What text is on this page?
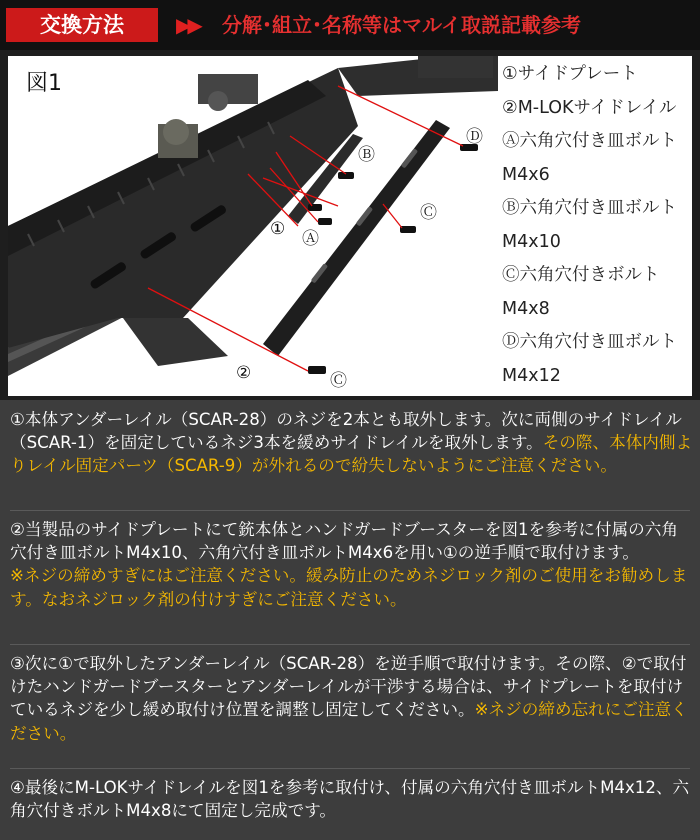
交換方法	▶▶ 分解･組立･名称等はマルイ取説記載参考
①
②
Ⓐ
Ⓑ
Ⓒ
Ⓒ
Ⓓ
図1	①サイドプレート
②M-LOKサイドレイル
Ⓐ六角穴付き皿ボルト
M4x6
Ⓑ六角穴付き皿ボルト
M4x10
Ⓒ六角穴付きボルト
M4x8
Ⓓ六角穴付き皿ボルト
M4x12
①本体アンダーレイル（SCAR-28）のネジを2本とも取外します。次に両側のサイドレイル（SCAR-1）を固定しているネジ3本を緩めサイドレイルを取外します。その際、本体内側よりレイル固定パーツ（SCAR-9）が外れるので紛失しないようにご注意ください。
②当製品のサイドプレートにて銃本体とハンドガードブースターを図1を参考に付属の六角穴付き皿ボルトM4x10、六角穴付き皿ボルトM4x6を用い①の逆手順で取付けます。
※ネジの締めすぎにはご注意ください。緩み防止のためネジロック剤のご使用をお勧めします。なおネジロック剤の付けすぎにご注意ください。
③次に①で取外したアンダーレイル（SCAR-28）を逆手順で取付けます。その際、②で取付けたハンドガードブースターとアンダーレイルが干渉する場合は、サイドプレートを取付けているネジを少し緩め取付け位置を調整し固定してください。※ネジの締め忘れにご注意ください。
④最後にM-LOKサイドレイルを図1を参考に取付け、付属の六角穴付き皿ボルトM4x12、六角穴付きボルトM4x8にて固定し完成です。
